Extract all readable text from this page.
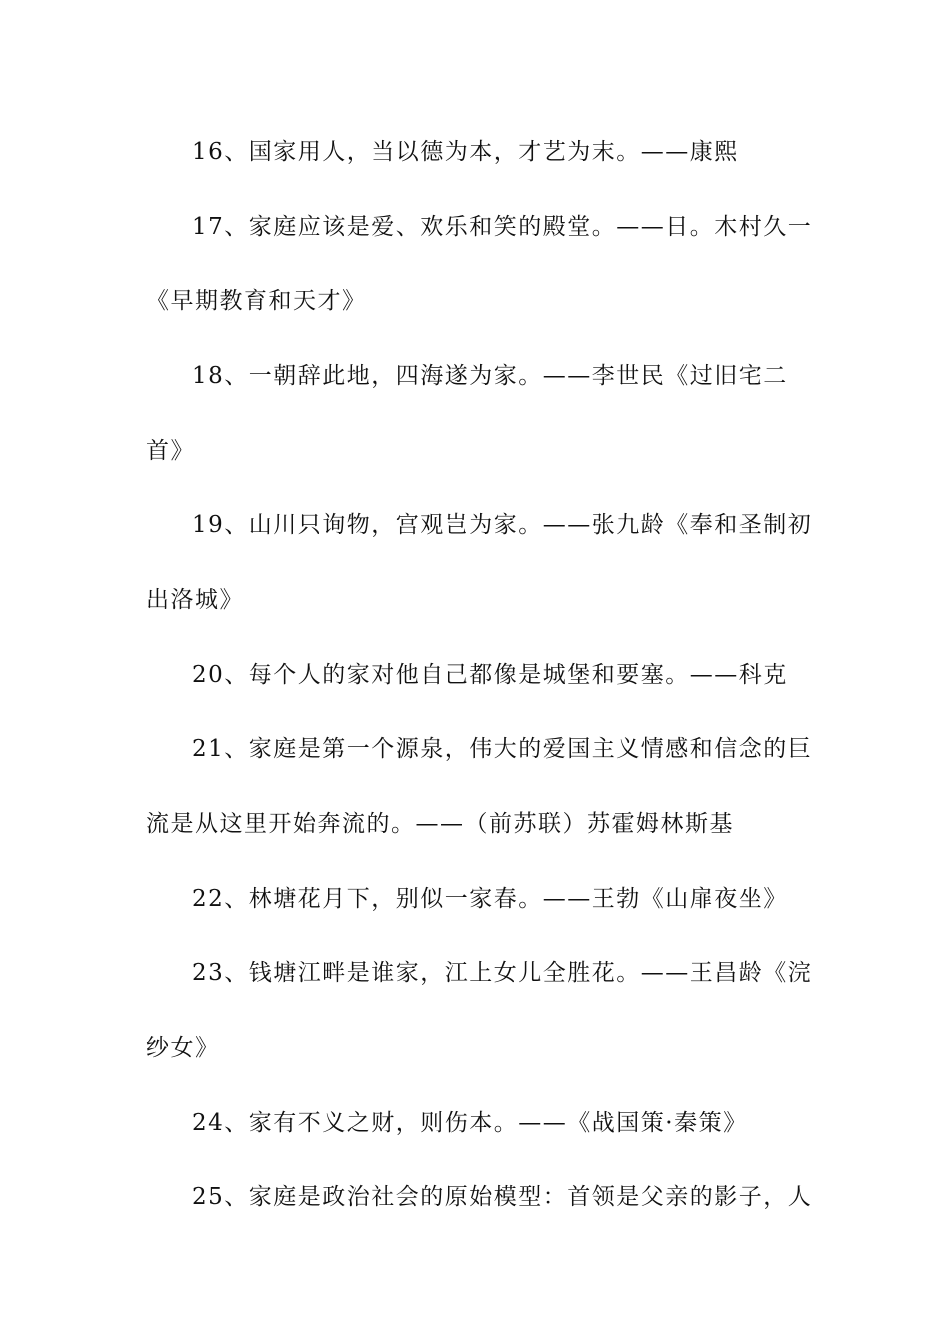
16、国家用人，当以德为本，才艺为末。——康熙
17、家庭应该是爱、欢乐和笑的殿堂。——日。木村久一
《早期教育和天才》
18、一朝辞此地，四海遂为家。——李世民《过旧宅二
首》
19、山川只询物，宫观岂为家。——张九龄《奉和圣制初
出洛城》
20、每个人的家对他自己都像是城堡和要塞。——科克
21、家庭是第一个源泉，伟大的爱国主义情感和信念的巨
流是从这里开始奔流的。——（前苏联）苏霍姆林斯基
22、林塘花月下，别似一家春。——王勃《山扉夜坐》
23、钱塘江畔是谁家，江上女儿全胜花。——王昌龄《浣
纱女》
24、家有不义之财，则伤本。——《战国策·秦策》
25、家庭是政治社会的原始模型：首领是父亲的影子，人
